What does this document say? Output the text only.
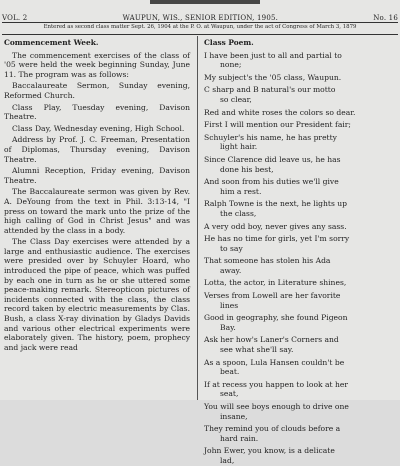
VOL. 2	WAUPUN, WIS., SENIOR EDITION, 1905.	No. 16
Entered as second class matter Sept. 26, 1904 at the P. O. at Waupun, under the act of Congress of March 3, 1879
Commencement Week.

The commencement exercises of the class of '05 were held the week beginning Sunday, June 11. The program was as follows:

Baccalaureate Sermon, Sunday evening, Reformed Church.

Class Play, Tuesday evening, Davison Theatre.

Class Day, Wednesday evening, High School.

Address by Prof. J. C. Freeman, Presentation of Diplomas, Thursday evening, Davison Theatre.

Alumni Reception, Friday evening, Davison Theatre.

The Baccalaureate sermon was given by Rev. A. DeYoung from the text in Phil. 3:13-14, "I press on toward the mark unto the prize of the high calling of God in Christ Jesus" and was attended by the class in a body.

The Class Day exercises were attended by a large and enthusiastic audience. The exercises were presided over by Schuyler Hoard, who introduced the pipe of peace, which was puffed by each one in turn as he or she uttered some peace-making remark. Stereopticon pictures of incidents connected with the class, the class record taken by electric measurements by Clas. Bush, a class X-ray divination by Gladys Davids and various other electrical experiments were elaborately given. The history, poem, prophecy and jack were read

Class Poem.
I have been just to all and partial to
none;
My subject's the '05 class, Waupun.
C sharp and B natural's our motto
so clear,
Red and white roses the colors so dear.
First I will mention our President fair;
Schuyler's his name, he has pretty
light hair.
Since Clarence did leave us, he has
done his best,
And soon from his duties we'll give
him a rest.
Ralph Towne is the next, he lights up
the class,
A very odd boy, never gives any sass.
He has no time for girls, yet I'm sorry
to say
That someone has stolen his Ada
away.
Lotta, the actor, in Literature shines,
Verses from Lowell are her favorite
lines
Good in geography, she found Pigeon
Bay.
Ask her how's Laner's Corners and
see what she'll say.
As a spoon, Lula Hansen couldn't be
beat.
If at recess you happen to look at her
seat,
You will see boys enough to drive one
insane,
They remind you of clouds before a
hard rain.
John Ewer, you know, is a delicate
lad,
